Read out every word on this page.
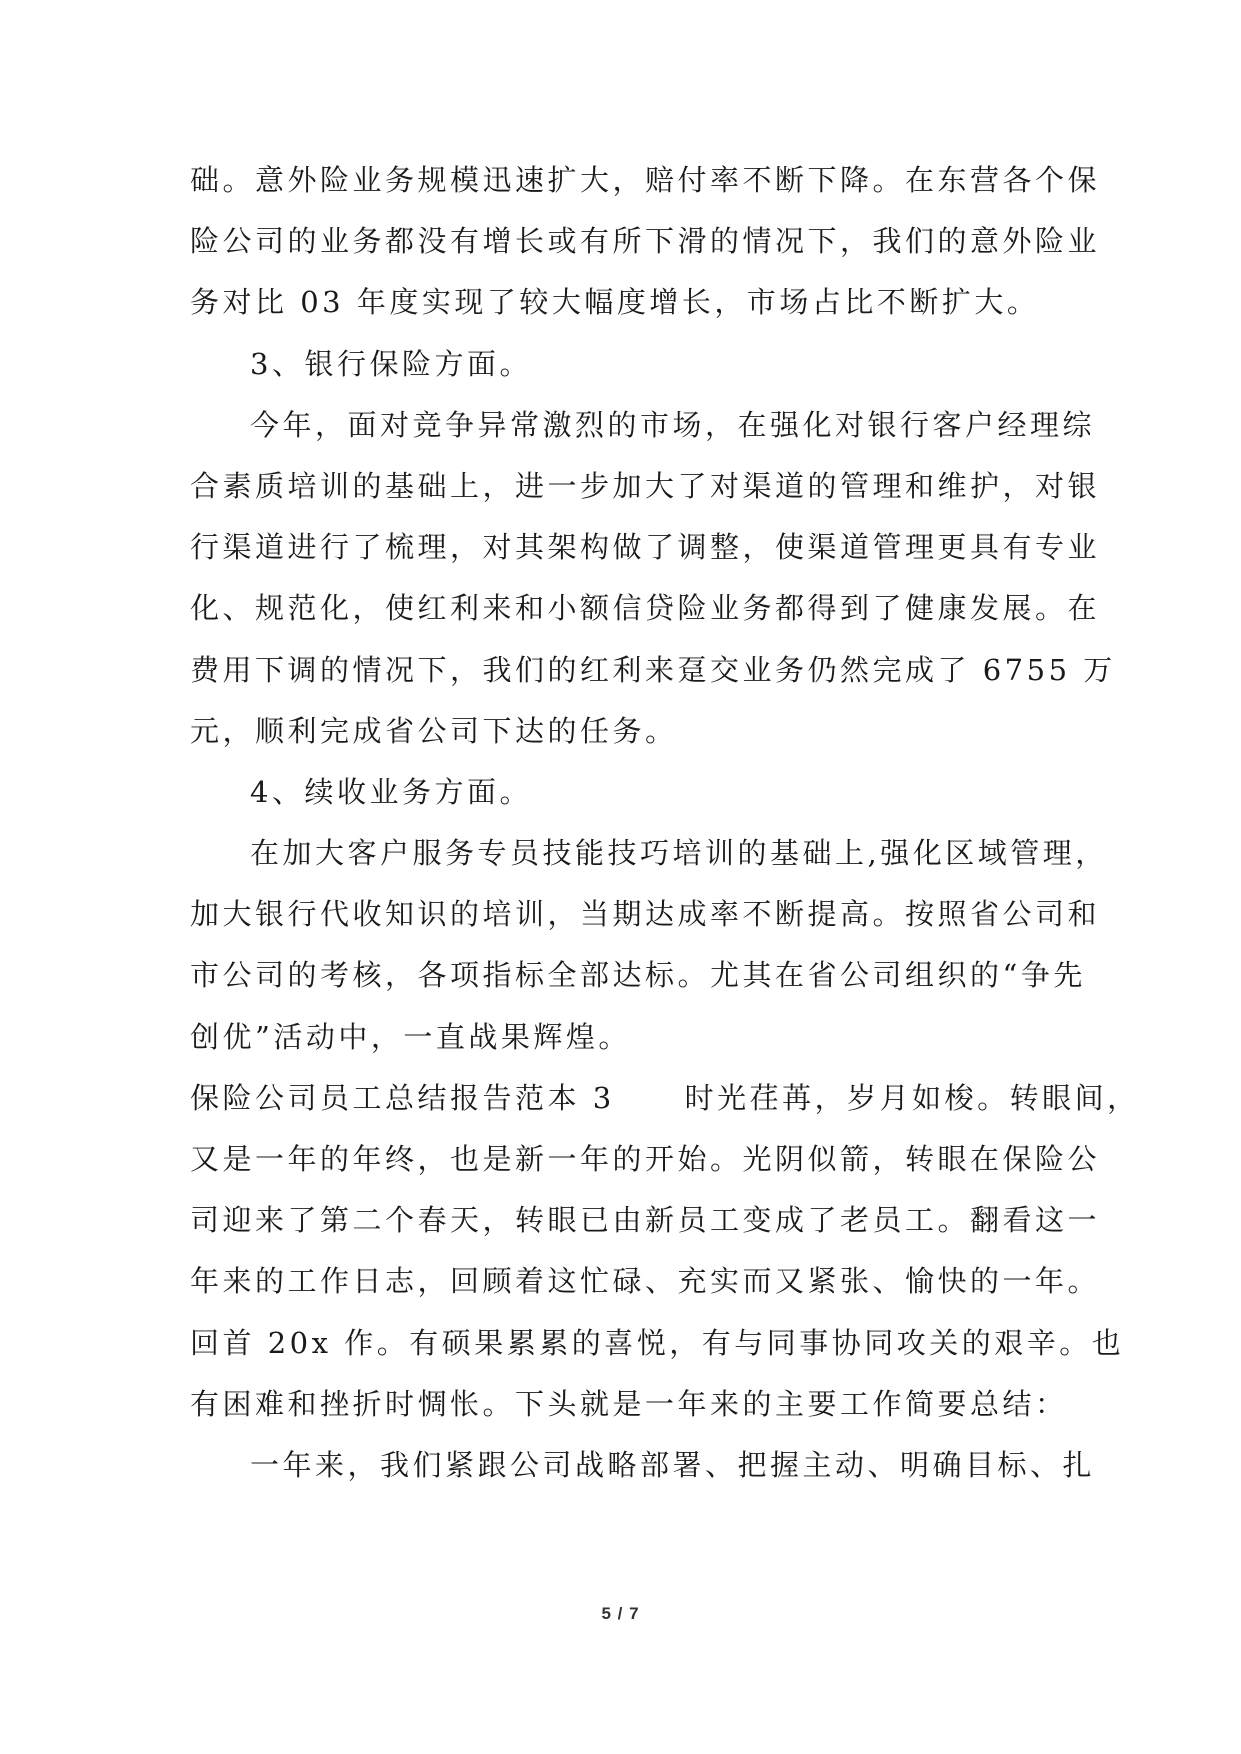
础。意外险业务规模迅速扩大，赔付率不断下降。在东营各个保
险公司的业务都没有增长或有所下滑的情况下，我们的意外险业
务对比 03 年度实现了较大幅度增长，市场占比不断扩大。
3、银行保险方面。
今年，面对竞争异常激烈的市场，在强化对银行客户经理综
合素质培训的基础上，进一步加大了对渠道的管理和维护，对银
行渠道进行了梳理，对其架构做了调整，使渠道管理更具有专业
化、规范化，使红利来和小额信贷险业务都得到了健康发展。在
费用下调的情况下，我们的红利来趸交业务仍然完成了 6755 万
元，顺利完成省公司下达的任务。
4、续收业务方面。
在加大客户服务专员技能技巧培训的基础上,强化区域管理，
加大银行代收知识的培训，当期达成率不断提高。按照省公司和
市公司的考核，各项指标全部达标。尤其在省公司组织的“争先
创优”活动中，一直战果辉煌。
保险公司员工总结报告范本 3 时光荏苒，岁月如梭。转眼间，
又是一年的年终，也是新一年的开始。光阴似箭，转眼在保险公
司迎来了第二个春天，转眼已由新员工变成了老员工。翻看这一
年来的工作日志，回顾着这忙碌、充实而又紧张、愉快的一年。
回首 20x 作。有硕果累累的喜悦，有与同事协同攻关的艰辛。也
有困难和挫折时惆怅。下头就是一年来的主要工作简要总结：
一年来，我们紧跟公司战略部署、把握主动、明确目标、扎
5 / 7
